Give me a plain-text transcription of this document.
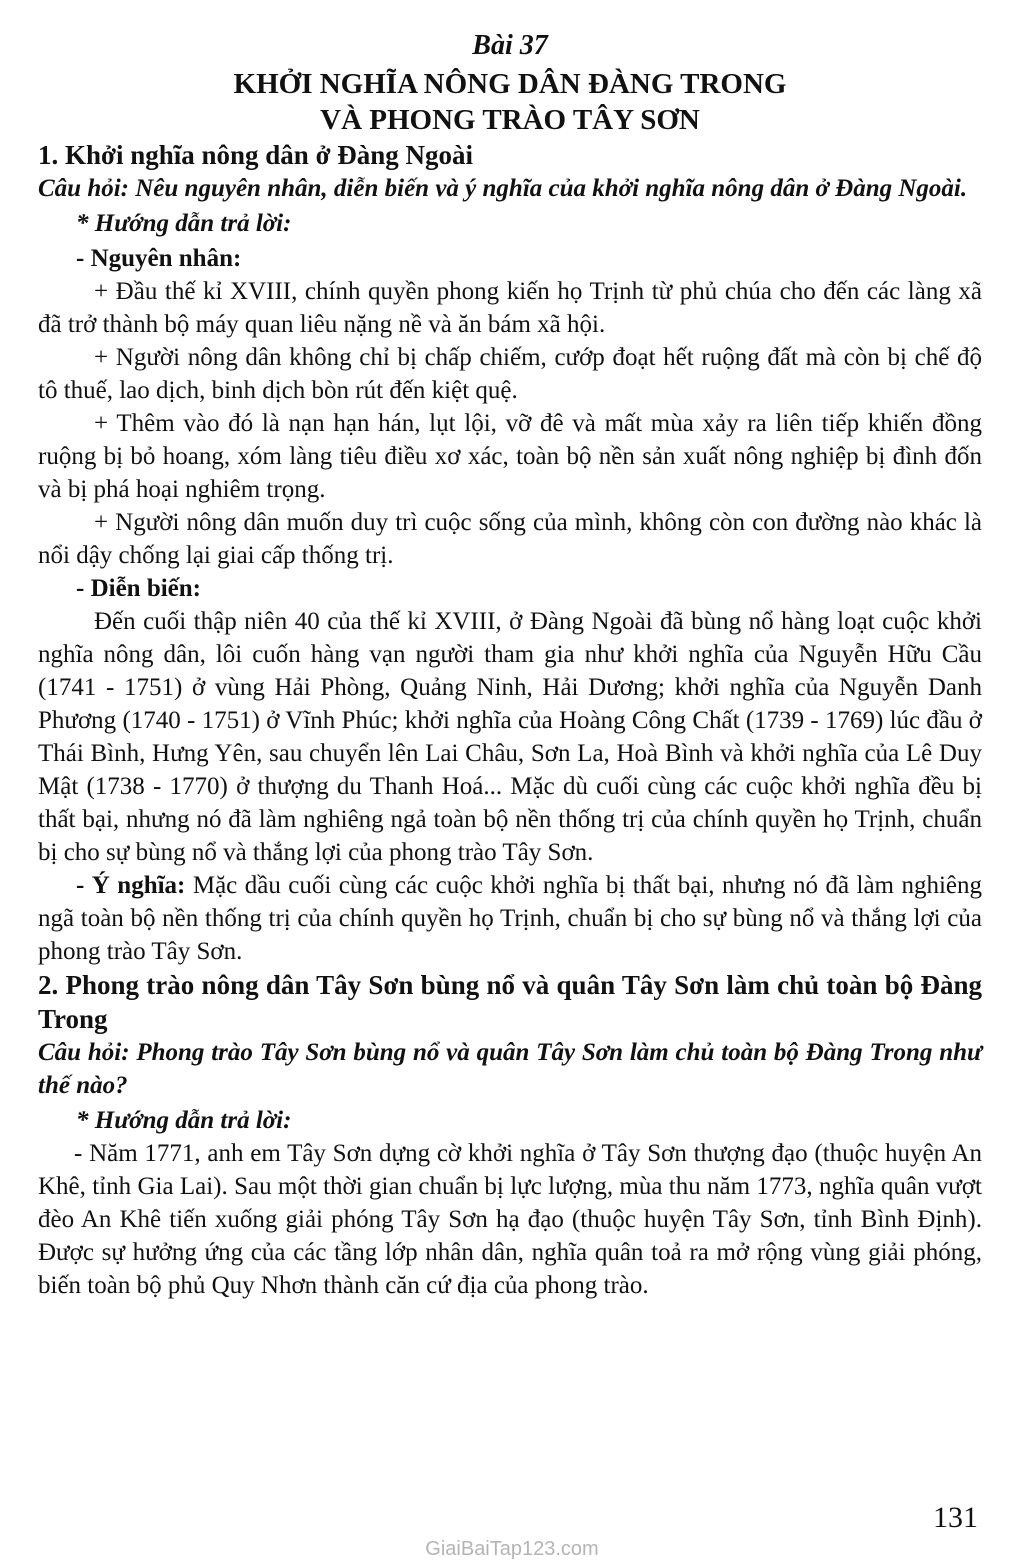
Bài 37

KHỞI NGHĨA NÔNG DÂN ĐÀNG TRONG

VÀ PHONG TRÀO TÂY SƠN

1. Khởi nghĩa nông dân ở Đàng Ngoài

Câu hỏi: Nêu nguyên nhân, diễn biến và ý nghĩa của khởi nghĩa nông dân ở Đàng Ngoài.

* Hướng dẫn trả lời:

- Nguyên nhân:

+ Đầu thế kỉ XVIII, chính quyền phong kiến họ Trịnh từ phủ chúa cho đến các làng xã đã trở thành bộ máy quan liêu nặng nề và ăn bám xã hội.

+ Người nông dân không chỉ bị chấp chiếm, cướp đoạt hết ruộng đất mà còn bị chế độ tô thuế, lao dịch, binh dịch bòn rút đến kiệt quệ.

+ Thêm vào đó là nạn hạn hán, lụt lội, vỡ đê và mất mùa xảy ra liên tiếp khiến đồng ruộng bị bỏ hoang, xóm làng tiêu điều xơ xác, toàn bộ nền sản xuất nông nghiệp bị đình đốn và bị phá hoại nghiêm trọng.

+ Người nông dân muốn duy trì cuộc sống của mình, không còn con đường nào khác là nổi dậy chống lại giai cấp thống trị.

- Diễn biến:

Đến cuối thập niên 40 của thế kỉ XVIII, ở Đàng Ngoài đã bùng nổ hàng loạt cuộc khởi nghĩa nông dân, lôi cuốn hàng vạn người tham gia như khởi nghĩa của Nguyễn Hữu Cầu (1741 - 1751) ở vùng Hải Phòng, Quảng Ninh, Hải Dương; khởi nghĩa của Nguyễn Danh Phương (1740 - 1751) ở Vĩnh Phúc; khởi nghĩa của Hoàng Công Chất (1739 - 1769) lúc đầu ở Thái Bình, Hưng Yên, sau chuyển lên Lai Châu, Sơn La, Hoà Bình và khởi nghĩa của Lê Duy Mật (1738 - 1770) ở thượng du Thanh Hoá... Mặc dù cuối cùng các cuộc khởi nghĩa đều bị thất bại, nhưng nó đã làm nghiêng ngả toàn bộ nền thống trị của chính quyền họ Trịnh, chuẩn bị cho sự bùng nổ và thắng lợi của phong trào Tây Sơn.

- Ý nghĩa: Mặc dầu cuối cùng các cuộc khởi nghĩa bị thất bại, nhưng nó đã làm nghiêng ngã toàn bộ nền thống trị của chính quyền họ Trịnh, chuẩn bị cho sự bùng nổ và thắng lợi của phong trào Tây Sơn.

2. Phong trào nông dân Tây Sơn bùng nổ và quân Tây Sơn làm chủ toàn bộ Đàng Trong

Câu hỏi: Phong trào Tây Sơn bùng nổ và quân Tây Sơn làm chủ toàn bộ Đàng Trong như thế nào?

* Hướng dẫn trả lời:

- Năm 1771, anh em Tây Sơn dựng cờ khởi nghĩa ở Tây Sơn thượng đạo (thuộc huyện An Khê, tỉnh Gia Lai). Sau một thời gian chuẩn bị lực lượng, mùa thu năm 1773, nghĩa quân vượt đèo An Khê tiến xuống giải phóng Tây Sơn hạ đạo (thuộc huyện Tây Sơn, tỉnh Bình Định). Được sự hưởng ứng của các tầng lớp nhân dân, nghĩa quân toả ra mở rộng vùng giải phóng, biến toàn bộ phủ Quy Nhơn thành căn cứ địa của phong trào.

131
GiaiBaiTap123.com
